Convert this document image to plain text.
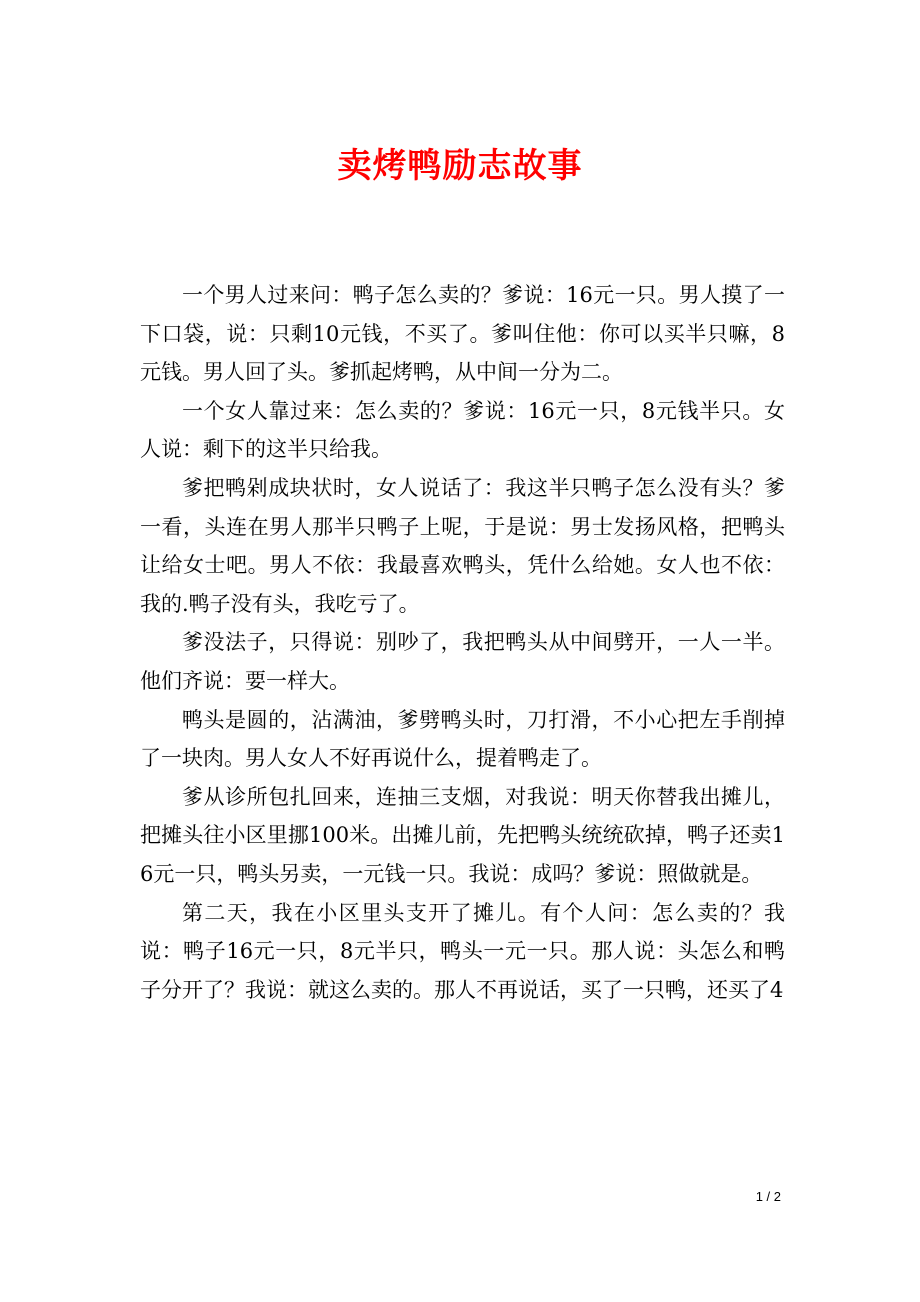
卖烤鸭励志故事

一个男人过来问：鸭子怎么卖的？爹说：16元一只。男人摸了一下口袋，说：只剩10元钱，不买了。爹叫住他：你可以买半只嘛，8元钱。男人回了头。爹抓起烤鸭，从中间一分为二。

一个女人靠过来：怎么卖的？爹说：16元一只，8元钱半只。女人说：剩下的这半只给我。

爹把鸭剁成块状时，女人说话了：我这半只鸭子怎么没有头？爹一看，头连在男人那半只鸭子上呢，于是说：男士发扬风格，把鸭头让给女士吧。男人不依：我最喜欢鸭头，凭什么给她。女人也不依：我的.鸭子没有头，我吃亏了。

爹没法子，只得说：别吵了，我把鸭头从中间劈开，一人一半。他们齐说：要一样大。

鸭头是圆的，沾满油，爹劈鸭头时，刀打滑，不小心把左手削掉了一块肉。男人女人不好再说什么，提着鸭走了。

爹从诊所包扎回来，连抽三支烟，对我说：明天你替我出摊儿，把摊头往小区里挪100米。出摊儿前，先把鸭头统统砍掉，鸭子还卖16元一只，鸭头另卖，一元钱一只。我说：成吗？爹说：照做就是。

第二天，我在小区里头支开了摊儿。有个人问：怎么卖的？我说：鸭子16元一只，8元半只，鸭头一元一只。那人说：头怎么和鸭子分开了？我说：就这么卖的。那人不再说话，买了一只鸭，还买了4

1 / 2
